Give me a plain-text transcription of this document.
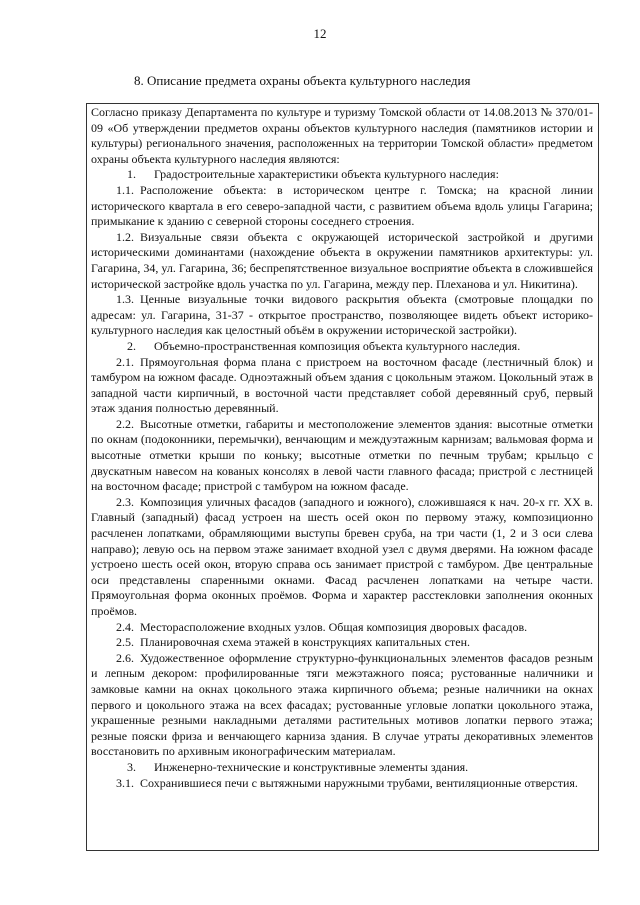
12
8. Описание предмета охраны объекта культурного наследия

Согласно приказу Департамента по культуре и туризму Томской области от 14.08.2013 № 370/01-09 «Об утверждении предметов охраны объектов культурного наследия (памятников истории и культуры) регионального значения, расположенных на территории Томской области» предметом охраны объекта культурного наследия являются:

1.   Градостроительные характеристики объекта культурного наследия:

1.1.  Расположение объекта: в историческом центре г. Томска; на красной линии исторического квартала в его северо-западной части, с развитием объема вдоль улицы Гагарина; примыкание к зданию с северной стороны соседнего строения.

1.2.  Визуальные связи объекта с окружающей исторической застройкой и другими историческими доминантами (нахождение объекта в окружении памятников архитектуры: ул. Гагарина, 34, ул. Гагарина, 36; беспрепятственное визуальное восприятие объекта в сложившейся исторической застройке вдоль участка по ул. Гагарина, между пер. Плеханова и ул. Никитина).

1.3.  Ценные визуальные точки видового раскрытия объекта (смотровые площадки по адресам: ул. Гагарина, 31-37 - открытое пространство, позволяющее видеть объект историко-культурного наследия как целостный объём в окружении исторической застройки).

2.   Объемно-пространственная композиция объекта культурного наследия.

2.1.  Прямоугольная форма плана с пристроем на восточном фасаде (лестничный блок) и тамбуром на южном фасаде. Одноэтажный объем здания с цокольным этажом. Цокольный этаж в западной части кирпичный, в восточной части представляет собой деревянный сруб, первый этаж здания полностью деревянный.

2.2.  Высотные отметки, габариты и местоположение элементов здания: высотные отметки по окнам (подоконники, перемычки), венчающим и междуэтажным карнизам; вальмовая форма и высотные отметки крыши по коньку; высотные отметки по печным трубам; крыльцо с двускатным навесом на кованых консолях в левой части главного фасада; пристрой с лестницей на восточном фасаде; пристрой с тамбуром на южном фасаде.

2.3.  Композиция уличных фасадов (западного и южного), сложившаяся к нач. 20-х гг. XX в. Главный (западный) фасад устроен на шесть осей окон по первому этажу, композиционно расчленен лопатками, обрамляющими выступы бревен сруба, на три части (1, 2 и 3 оси слева направо); левую ось на первом этаже занимает входной узел с двумя дверями. На южном фасаде устроено шесть осей окон, вторую справа ось занимает пристрой с тамбуром. Две центральные оси представлены спаренными окнами. Фасад расчленен лопатками на четыре части. Прямоугольная форма оконных проёмов. Форма и характер расстекловки заполнения оконных проёмов.

2.4.  Месторасположение входных узлов. Общая композиция дворовых фасадов.

2.5.  Планировочная схема этажей в конструкциях капитальных стен.

2.6.  Художественное оформление структурно-функциональных элементов фасадов резным и лепным декором: профилированные тяги межэтажного пояса; рустованные наличники и замковые камни на окнах цокольного этажа кирпичного объема; резные наличники на окнах первого и цокольного этажа на всех фасадах; рустованные угловые лопатки цокольного этажа, украшенные резными накладными деталями растительных мотивов лопатки первого этажа; резные пояски фриза и венчающего карниза здания. В случае утраты декоративных элементов восстановить по архивным иконографическим материалам.

3.   Инженерно-технические и конструктивные элементы здания.

3.1.  Сохранившиеся печи с вытяжными наружными трубами, вентиляционные отверстия.
